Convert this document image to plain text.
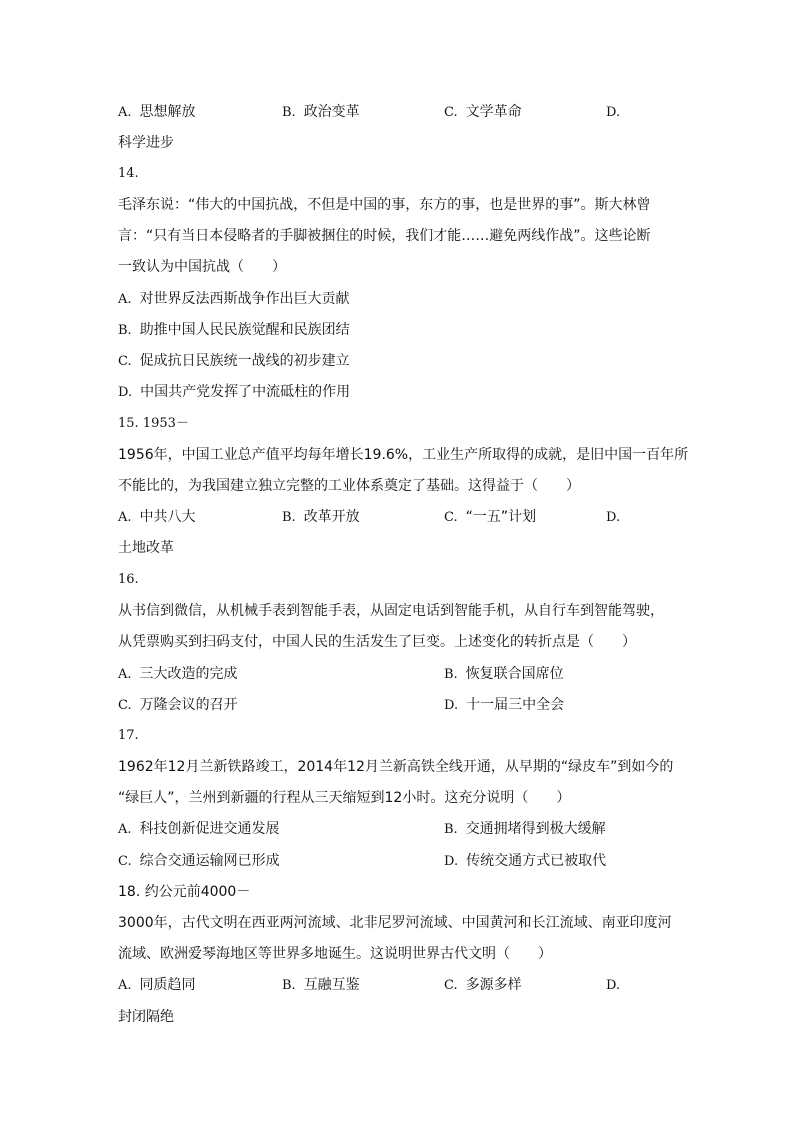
A. 思想解放	B. 政治变革	C. 文学革命	D.
科学进步
14.
毛泽东说：“伟大的中国抗战，不但是中国的事，东方的事，也是世界的事”。斯大林曾
言：“只有当日本侵略者的手脚被捆住的时候，我们才能……避免两线作战”。这些论断
一致认为中国抗战（　　）
A. 对世界反法西斯战争作出巨大贡献
B. 助推中国人民民族觉醒和民族团结
C. 促成抗日民族统一战线的初步建立
D. 中国共产党发挥了中流砥柱的作用
15. 1953－
1956年，中国工业总产值平均每年增长19.6%，工业生产所取得的成就，是旧中国一百年所
不能比的，为我国建立独立完整的工业体系奠定了基础。这得益于（　　）
A. 中共八大	B. 改革开放	C. “一五”计划	D.
土地改革
16.
从书信到微信，从机械手表到智能手表，从固定电话到智能手机，从自行车到智能驾驶，
从凭票购买到扫码支付，中国人民的生活发生了巨变。上述变化的转折点是（　　）
A. 三大改造的完成	B. 恢复联合国席位
C. 万隆会议的召开	D. 十一届三中全会
17.
1962年12月兰新铁路竣工，2014年12月兰新高铁全线开通，从早期的“绿皮车”到如今的
“绿巨人”，兰州到新疆的行程从三天缩短到12小时。这充分说明（　　）
A. 科技创新促进交通发展	B. 交通拥堵得到极大缓解
C. 综合交通运输网已形成	D. 传统交通方式已被取代
18. 约公元前4000－
3000年，古代文明在西亚两河流域、北非尼罗河流域、中国黄河和长江流域、南亚印度河
流域、欧洲爱琴海地区等世界多地诞生。这说明世界古代文明（　　）
A. 同质趋同	B. 互融互鉴	C. 多源多样	D.
封闭隔绝
